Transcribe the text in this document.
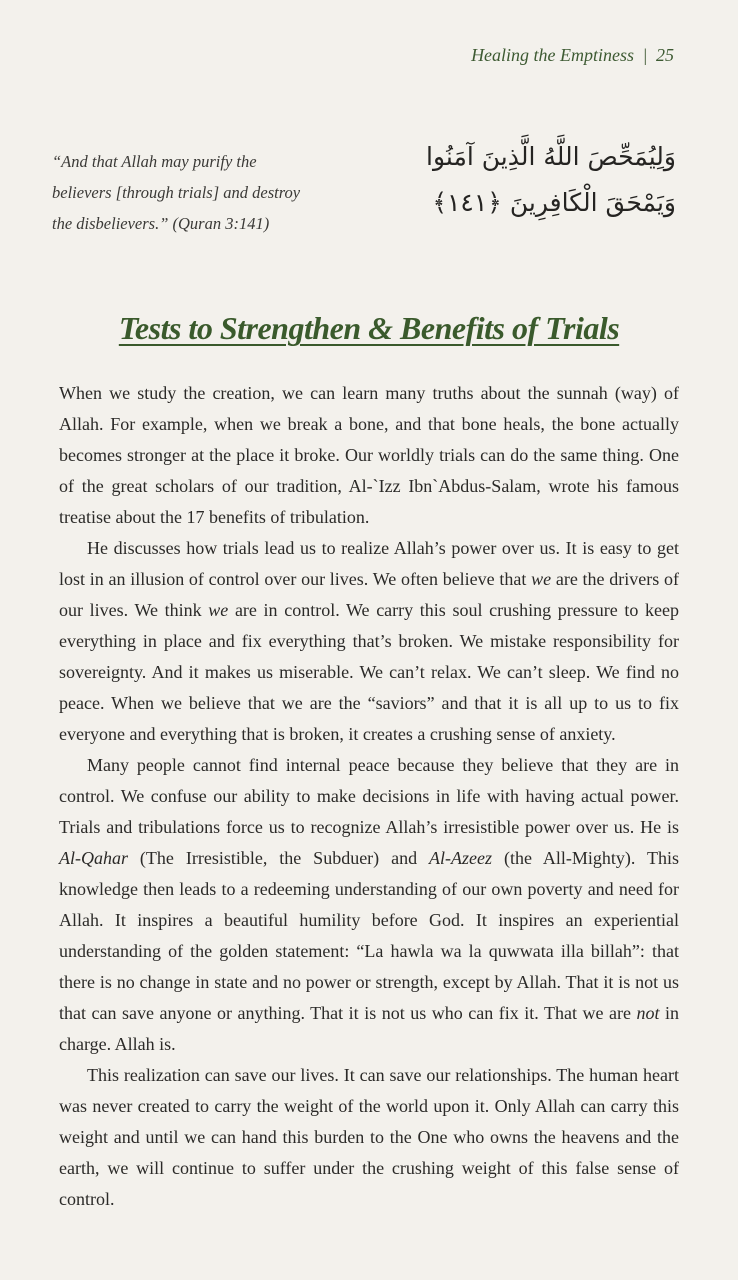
Healing the Emptiness | 25
“And that Allah may purify the
believers [through trials] and destroy
the disbelievers.” (Quran 3:141)
وَلِيُمَحِّصَ اللَّهُ الَّذِينَ آمَنُوا
وَيَمْحَقَ الْكَافِرِينَ ﴿١٤١﴾
Tests to Strengthen & Benefits of Trials

When we study the creation, we can learn many truths about the sunnah (way) of Allah. For example, when we break a bone, and that bone heals, the bone actually becomes stronger at the place it broke. Our worldly trials can do the same thing. One of the great scholars of our tradition, Al-`Izz Ibn`Abdus-Salam, wrote his famous treatise about the 17 benefits of tribulation.

He discusses how trials lead us to realize Allah’s power over us. It is easy to get lost in an illusion of control over our lives. We often believe that we are the drivers of our lives. We think we are in control. We carry this soul crushing pressure to keep everything in place and fix everything that’s broken. We mistake responsibility for sovereignty. And it makes us miserable. We can’t relax. We can’t sleep. We find no peace. When we believe that we are the “saviors” and that it is all up to us to fix everyone and everything that is broken, it creates a crushing sense of anxiety.

Many people cannot find internal peace because they believe that they are in control. We confuse our ability to make decisions in life with having actual power. Trials and tribulations force us to recognize Allah’s irresistible power over us. He is Al-Qahar (The Irresistible, the Subduer) and Al-Azeez (the All-Mighty). This knowledge then leads to a redeeming understanding of our own poverty and need for Allah. It inspires a beautiful humility before God. It inspires an experiential understanding of the golden statement: “La hawla wa la quwwata illa billah”: that there is no change in state and no power or strength, except by Allah. That it is not us that can save anyone or anything. That it is not us who can fix it. That we are not in charge. Allah is.

This realization can save our lives. It can save our relationships. The human heart was never created to carry the weight of the world upon it. Only Allah can carry this weight and until we can hand this burden to the One who owns the heavens and the earth, we will continue to suffer under the crushing weight of this false sense of control.
